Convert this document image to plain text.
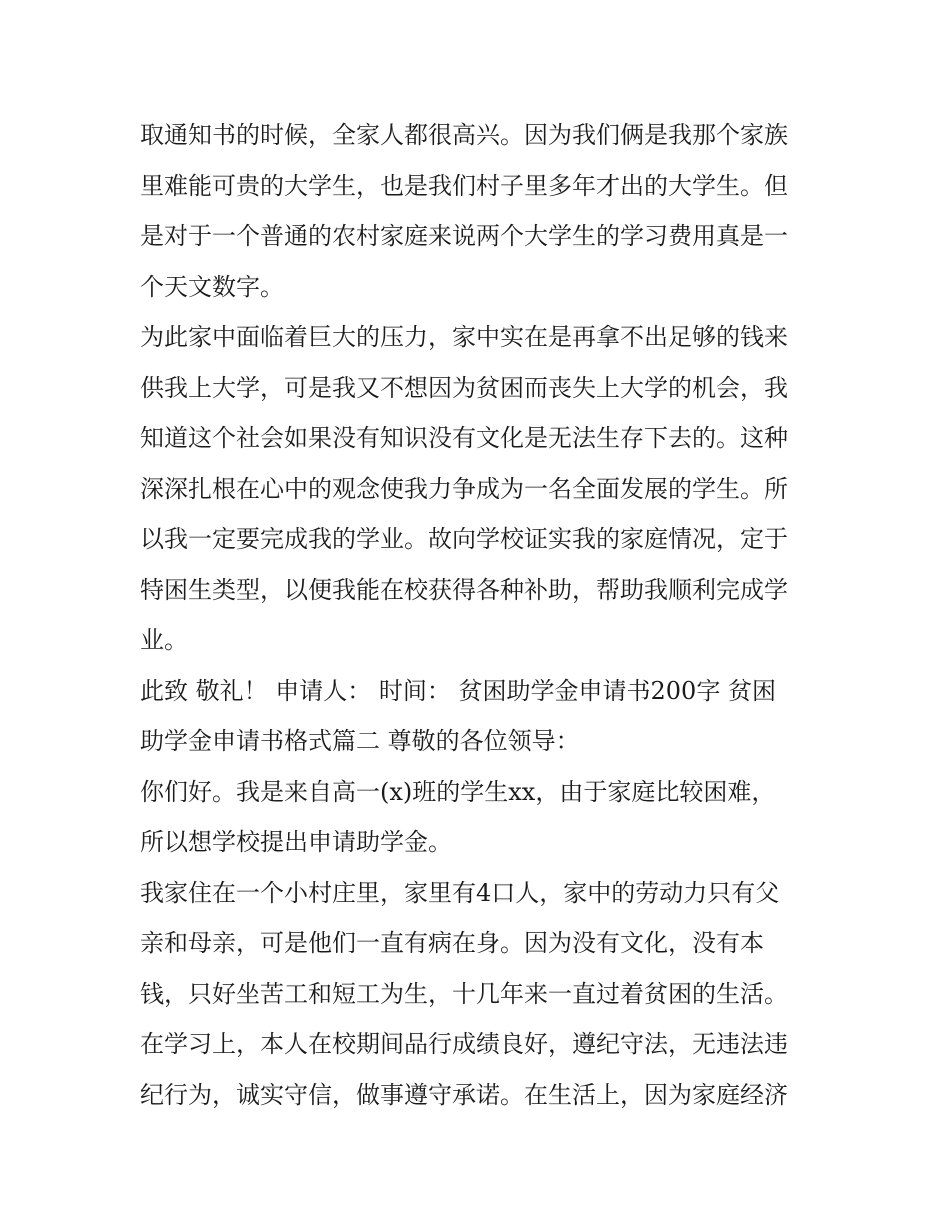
取通知书的时候，全家人都很高兴。因为我们俩是我那个家族
里难能可贵的大学生，也是我们村子里多年才出的大学生。但
是对于一个普通的农村家庭来说两个大学生的学习费用真是一
个天文数字。
为此家中面临着巨大的压力，家中实在是再拿不出足够的钱来
供我上大学，可是我又不想因为贫困而丧失上大学的机会，我
知道这个社会如果没有知识没有文化是无法生存下去的。这种
深深扎根在心中的观念使我力争成为一名全面发展的学生。所
以我一定要完成我的学业。故向学校证实我的家庭情况，定于
特困生类型，以便我能在校获得各种补助，帮助我顺利完成学
业。
此致 敬礼！ 申请人： 时间： 贫困助学金申请书200字 贫困
助学金申请书格式篇二 尊敬的各位领导：
你们好。我是来自高一(x)班的学生xx，由于家庭比较困难，
所以想学校提出申请助学金。
我家住在一个小村庄里，家里有4口人，家中的劳动力只有父
亲和母亲，可是他们一直有病在身。因为没有文化，没有本
钱，只好坐苦工和短工为生，十几年来一直过着贫困的生活。
在学习上，本人在校期间品行成绩良好，遵纪守法，无违法违
纪行为，诚实守信，做事遵守承诺。在生活上，因为家庭经济
